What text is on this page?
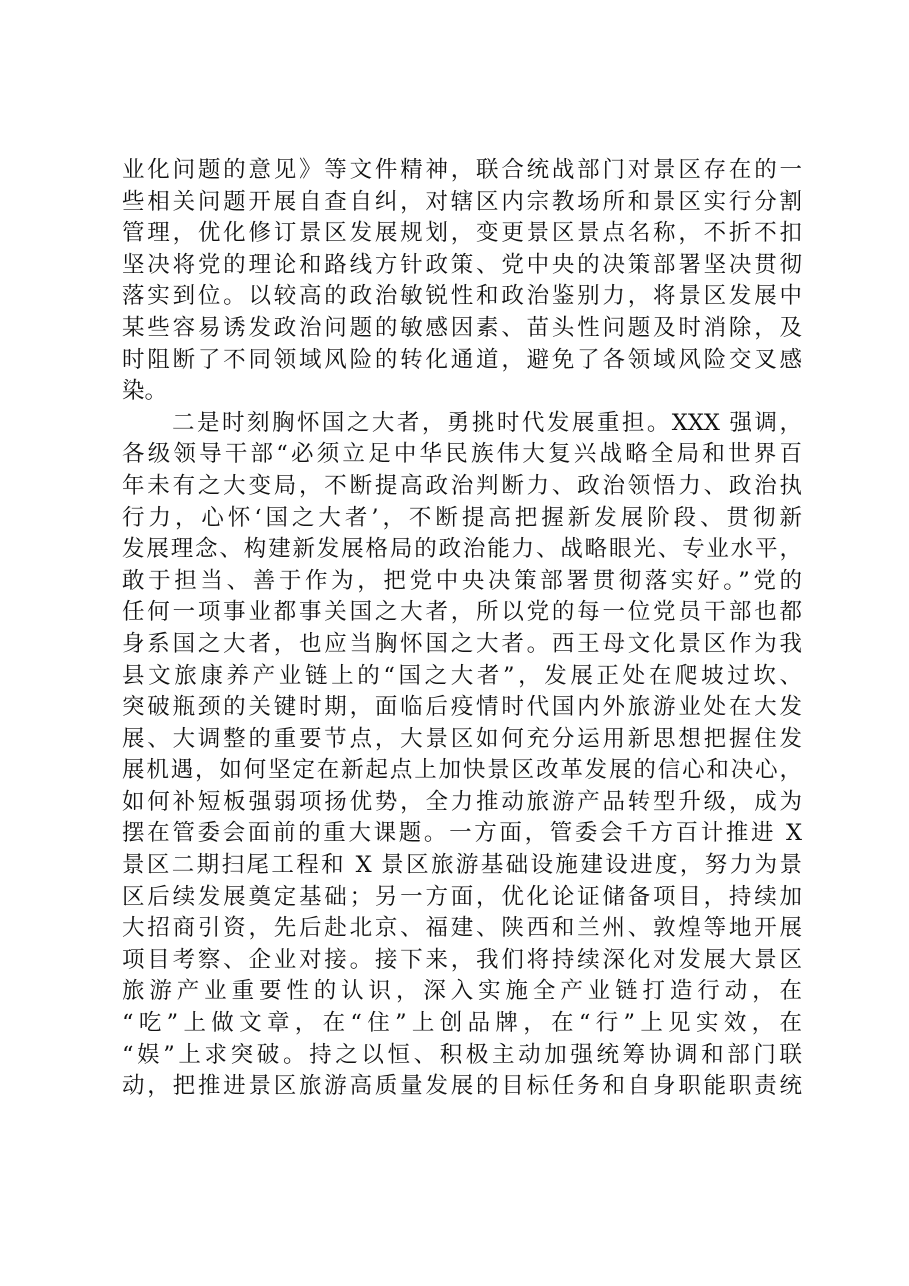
业化问题的意见》等文件精神，联合统战部门对景区存在的一
些相关问题开展自查自纠，对辖区内宗教场所和景区实行分割
管理，优化修订景区发展规划，变更景区景点名称，不折不扣
坚决将党的理论和路线方针政策、党中央的决策部署坚决贯彻
落实到位。以较高的政治敏锐性和政治鉴别力，将景区发展中
某些容易诱发政治问题的敏感因素、苗头性问题及时消除，及
时阻断了不同领域风险的转化通道，避免了各领域风险交叉感
染。
　　二是时刻胸怀国之大者，勇挑时代发展重担。XXX 强调，
各级领导干部“必须立足中华民族伟大复兴战略全局和世界百
年未有之大变局，不断提高政治判断力、政治领悟力、政治执
行力，心怀‘国之大者’，不断提高把握新发展阶段、贯彻新
发展理念、构建新发展格局的政治能力、战略眼光、专业水平，
敢于担当、善于作为，把党中央决策部署贯彻落实好。”党的
任何一项事业都事关国之大者，所以党的每一位党员干部也都
身系国之大者，也应当胸怀国之大者。西王母文化景区作为我
县文旅康养产业链上的“国之大者”，发展正处在爬坡过坎、
突破瓶颈的关键时期，面临后疫情时代国内外旅游业处在大发
展、大调整的重要节点，大景区如何充分运用新思想把握住发
展机遇，如何坚定在新起点上加快景区改革发展的信心和决心，
如何补短板强弱项扬优势，全力推动旅游产品转型升级，成为
摆在管委会面前的重大课题。一方面，管委会千方百计推进 X
景区二期扫尾工程和 X 景区旅游基础设施建设进度，努力为景
区后续发展奠定基础；另一方面，优化论证储备项目，持续加
大招商引资，先后赴北京、福建、陕西和兰州、敦煌等地开展
项目考察、企业对接。接下来，我们将持续深化对发展大景区
旅游产业重要性的认识，深入实施全产业链打造行动，在
“吃”上做文章，在“住”上创品牌，在“行”上见实效，在
“娱”上求突破。持之以恒、积极主动加强统筹协调和部门联
动，把推进景区旅游高质量发展的目标任务和自身职能职责统
